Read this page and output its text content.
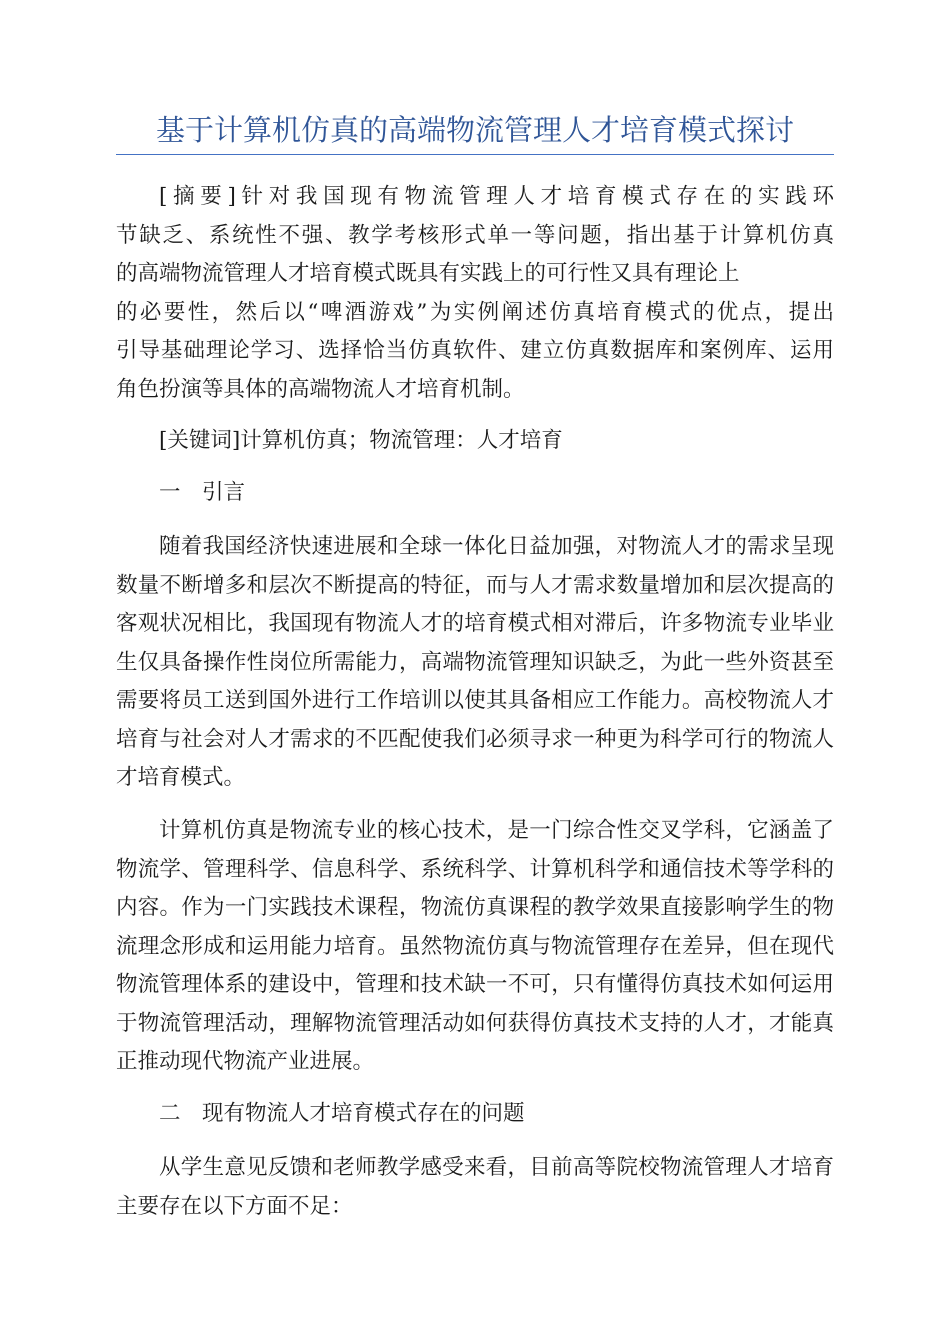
基于计算机仿真的高端物流管理人才培育模式探讨

[摘要]针对我国现有物流管理人才培育模式存在的实践环
节缺乏、系统性不强、教学考核形式单一等问题，指出基于计算机仿真
的高端物流管理人才培育模式既具有实践上的可行性又具有理论上
的必要性，然后以“啤酒游戏”为实例阐述仿真培育模式的优点，提出
引导基础理论学习、选择恰当仿真软件、建立仿真数据库和案例库、运用
角色扮演等具体的高端物流人才培育机制。

[关键词]计算机仿真；物流管理：人才培育

一　引言

随着我国经济快速进展和全球一体化日益加强，对物流人才的需求呈现
数量不断增多和层次不断提高的特征，而与人才需求数量增加和层次提高的
客观状况相比，我国现有物流人才的培育模式相对滞后，许多物流专业毕业
生仅具备操作性岗位所需能力，高端物流管理知识缺乏，为此一些外资甚至
需要将员工送到国外进行工作培训以使其具备相应工作能力。高校物流人才
培育与社会对人才需求的不匹配使我们必须寻求一种更为科学可行的物流人
才培育模式。

计算机仿真是物流专业的核心技术，是一门综合性交叉学科，它涵盖了
物流学、管理科学、信息科学、系统科学、计算机科学和通信技术等学科的
内容。作为一门实践技术课程，物流仿真课程的教学效果直接影响学生的物
流理念形成和运用能力培育。虽然物流仿真与物流管理存在差异，但在现代
物流管理体系的建设中，管理和技术缺一不可，只有懂得仿真技术如何运用
于物流管理活动，理解物流管理活动如何获得仿真技术支持的人才，才能真
正推动现代物流产业进展。

二　现有物流人才培育模式存在的问题

从学生意见反馈和老师教学感受来看，目前高等院校物流管理人才培育
主要存在以下方面不足：
